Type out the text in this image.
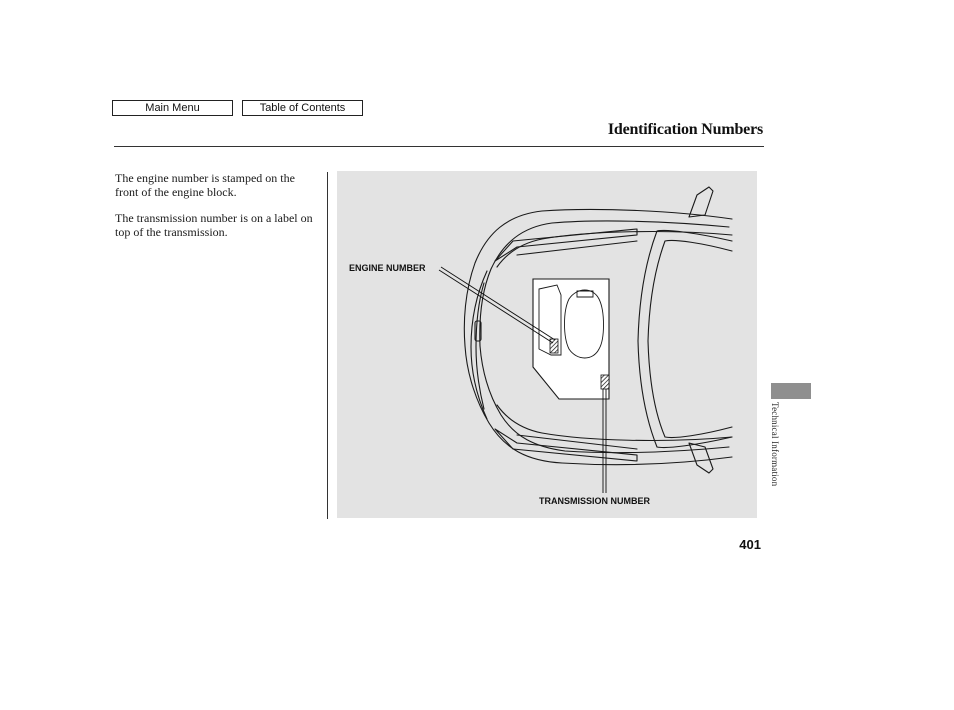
Main Menu	Table of Contents
Identification Numbers

The engine number is stamped on the front of the engine block.

The transmission number is on a label on top of the transmission.

ENGINE NUMBER
TRANSMISSION NUMBER
Technical Information
401
